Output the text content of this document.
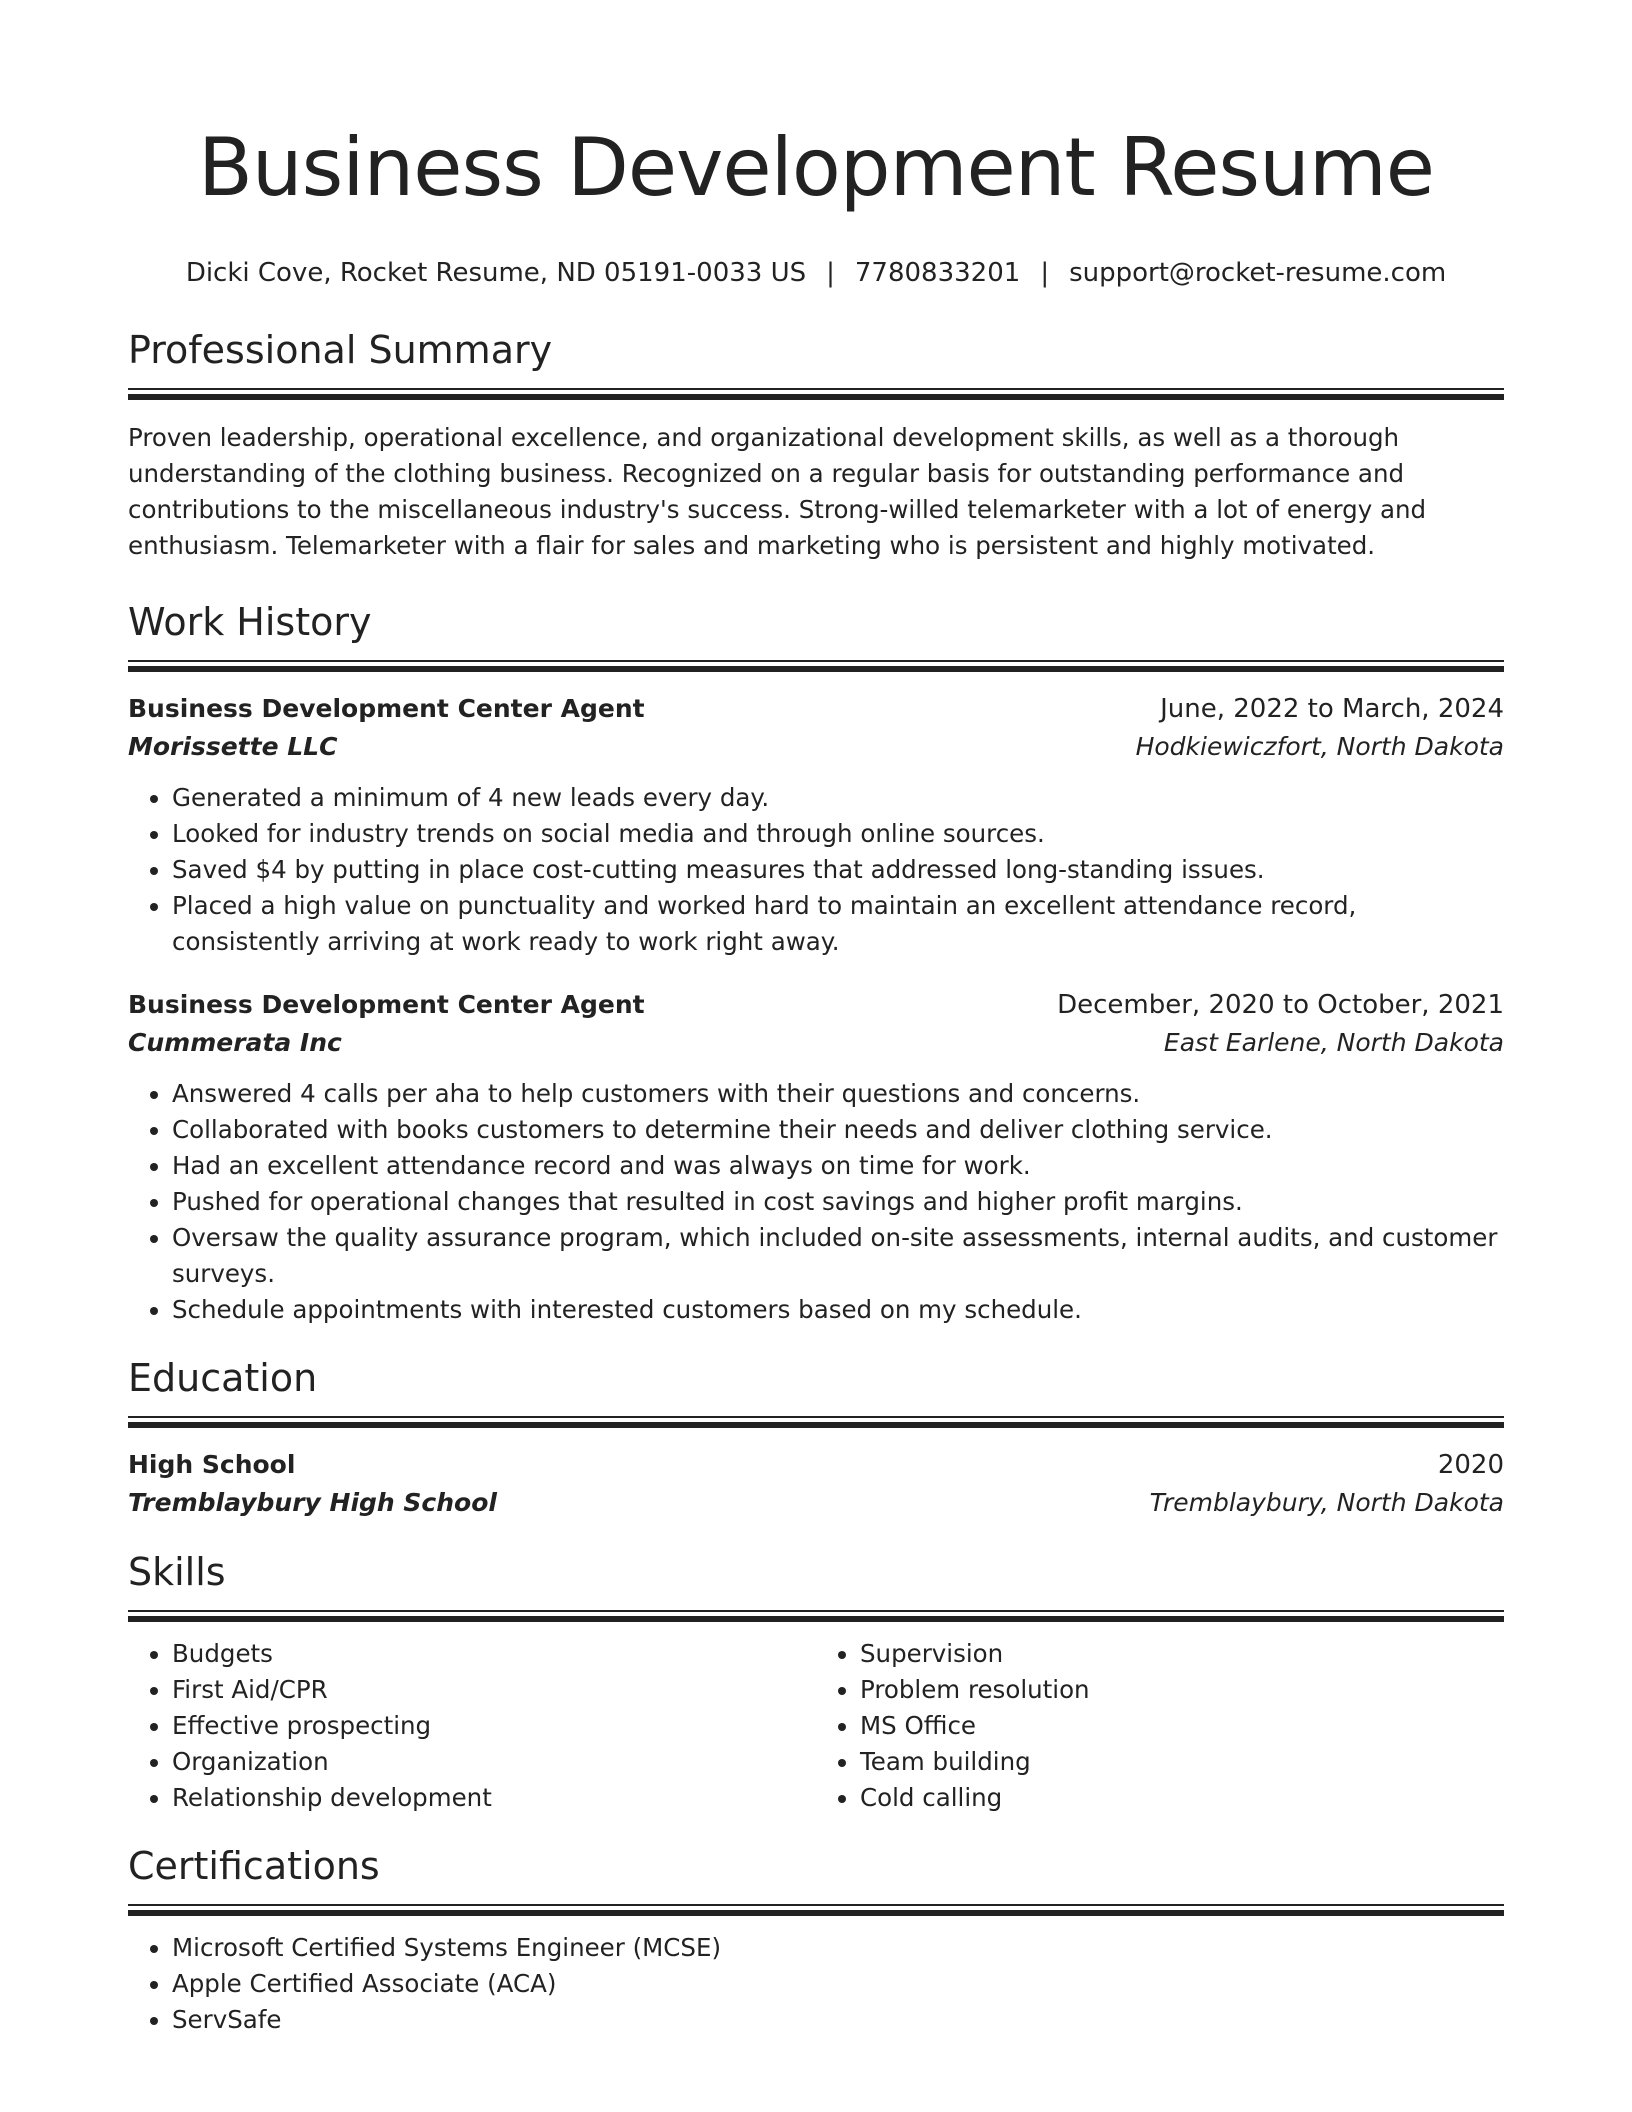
Business Development Resume
Dicki Cove, Rocket Resume, ND 05191-0033 US | 7780833201 | support@rocket-resume.com
Professional Summary

Proven leadership, operational excellence, and organizational development skills, as well as a thorough understanding of the clothing business. Recognized on a regular basis for outstanding performance and contributions to the miscellaneous industry's success. Strong-willed telemarketer with a lot of energy and enthusiasm. Telemarketer with a flair for sales and marketing who is persistent and highly motivated.

Work History
Business Development Center Agent	June, 2022 to March, 2024
Morissette LLC	Hodkiewiczfort, North Dakota
• Generated a minimum of 4 new leads every day.
• Looked for industry trends on social media and through online sources.
• Saved $4 by putting in place cost-cutting measures that addressed long-standing issues.
• Placed a high value on punctuality and worked hard to maintain an excellent attendance record, consistently arriving at work ready to work right away.
Business Development Center Agent	December, 2020 to October, 2021
Cummerata Inc	East Earlene, North Dakota
• Answered 4 calls per aha to help customers with their questions and concerns.
• Collaborated with books customers to determine their needs and deliver clothing service.
• Had an excellent attendance record and was always on time for work.
• Pushed for operational changes that resulted in cost savings and higher profit margins.
• Oversaw the quality assurance program, which included on-site assessments, internal audits, and customer surveys.
• Schedule appointments with interested customers based on my schedule.
Education
High School	2020
Tremblaybury High School	Tremblaybury, North Dakota
Skills
• Budgets
• First Aid/CPR
• Effective prospecting
• Organization
• Relationship development
• Supervision
• Problem resolution
• MS Office
• Team building
• Cold calling
Certifications
• Microsoft Certified Systems Engineer (MCSE)
• Apple Certified Associate (ACA)
• ServSafe
